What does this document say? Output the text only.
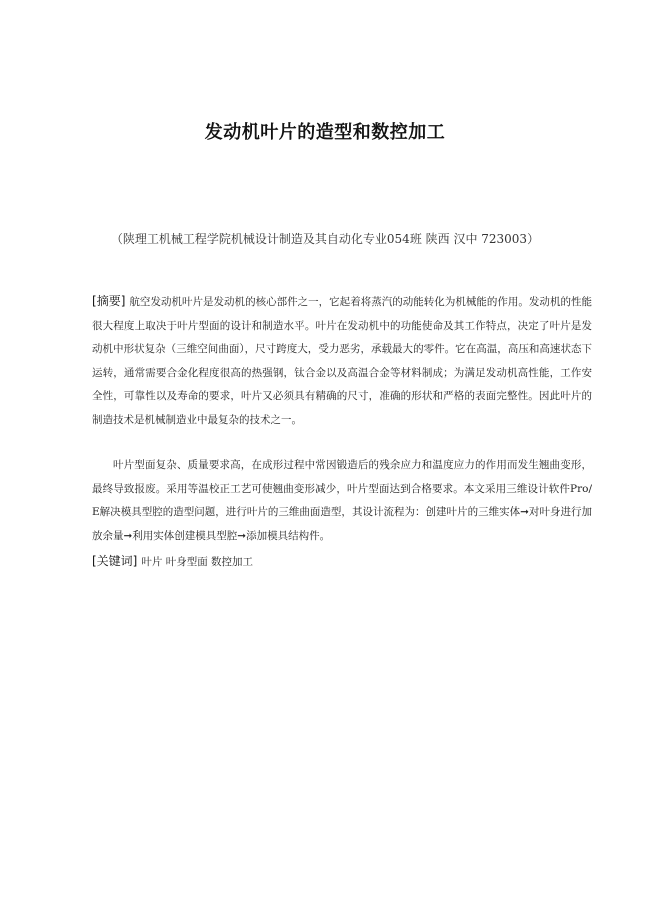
发动机叶片的造型和数控加工
（陕理工机械工程学院机械设计制造及其自动化专业054班 陕西 汉中 723003）
[摘要] 航空发动机叶片是发动机的核心部件之一，它起着将蒸汽的动能转化为机械能的作用。发动机的性能很大程度上取决于叶片型面的设计和制造水平。叶片在发动机中的功能使命及其工作特点，决定了叶片是发动机中形状复杂（三维空间曲面），尺寸跨度大，受力恶劣，承载最大的零件。它在高温，高压和高速状态下运转，通常需要合金化程度很高的热强钢，钛合金以及高温合金等材料制成；为满足发动机高性能，工作安全性，可靠性以及寿命的要求，叶片又必须具有精确的尺寸，准确的形状和严格的表面完整性。因此叶片的制造技术是机械制造业中最复杂的技术之一。
叶片型面复杂、质量要求高，在成形过程中常因锻造后的残余应力和温度应力的作用而发生翘曲变形，最终导致报废。采用等温校正工艺可使翘曲变形减少，叶片型面达到合格要求。本文采用三维设计软件Pro/ E解决模具型腔的造型问题，进行叶片的三维曲面造型，其设计流程为：创建叶片的三维实体➞对叶身进行加放余量➞利用实体创建模具型腔➞添加模具结构件。
[关键词] 叶片 叶身型面 数控加工
